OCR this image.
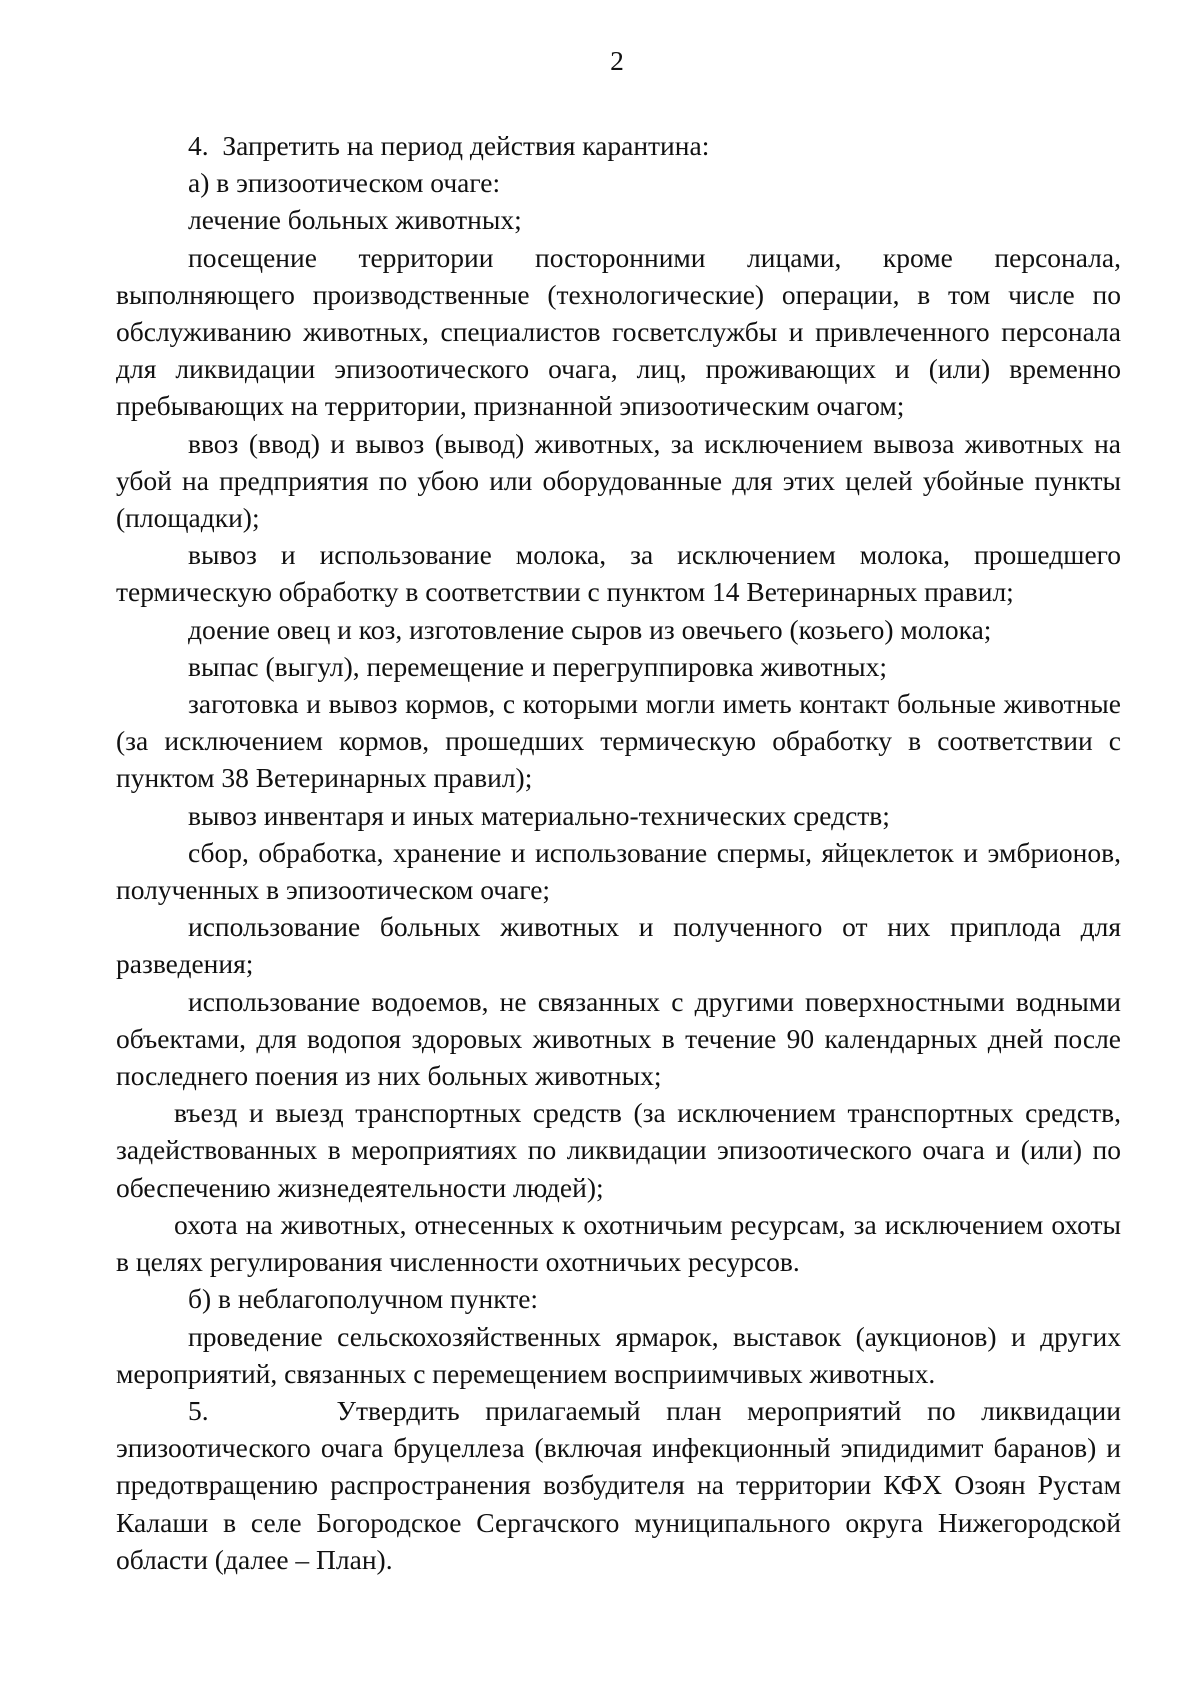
2

4.  Запретить на период действия карантина:

а) в эпизоотическом очаге:

лечение больных животных;

посещение территории посторонними лицами, кроме персонала, выполняющего производственные (технологические) операции, в том числе по обслуживанию животных, специалистов госветслужбы и привлеченного персонала для ликвидации эпизоотического очага, лиц, проживающих и (или) временно пребывающих на территории, признанной эпизоотическим очагом;

ввоз (ввод) и вывоз (вывод) животных, за исключением вывоза животных на убой на предприятия по убою или оборудованные для этих целей убойные пункты (площадки);

вывоз и использование молока, за исключением молока, прошедшего термическую обработку в соответствии с пунктом 14 Ветеринарных правил;

доение овец и коз, изготовление сыров из овечьего (козьего) молока;

выпас (выгул), перемещение и перегруппировка животных;

заготовка и вывоз кормов, с которыми могли иметь контакт больные животные (за исключением кормов, прошедших термическую обработку в соответствии с пунктом 38 Ветеринарных правил);

вывоз инвентаря и иных материально-технических средств;

сбор, обработка, хранение и использование спермы, яйцеклеток и эмбрионов, полученных в эпизоотическом очаге;

использование больных животных и полученного от них приплода для разведения;

использование водоемов, не связанных с другими поверхностными водными объектами, для водопоя здоровых животных в течение 90 календарных дней после последнего поения из них больных животных;

въезд и выезд транспортных средств (за исключением транспортных средств, задействованных в мероприятиях по ликвидации эпизоотического очага и (или) по обеспечению жизнедеятельности людей);

охота на животных, отнесенных к охотничьим ресурсам, за исключением охоты в целях регулирования численности охотничьих ресурсов.

б) в неблагополучном пункте:

проведение сельскохозяйственных ярмарок, выставок (аукционов) и других мероприятий, связанных с перемещением восприимчивых животных.

5.     Утвердить прилагаемый план мероприятий по ликвидации эпизоотического очага бруцеллеза (включая инфекционный эпидидимит баранов) и предотвращению распространения возбудителя на территории КФХ Озоян Рустам Калаши в селе Богородское Сергачского муниципального округа Нижегородской области (далее – План).
